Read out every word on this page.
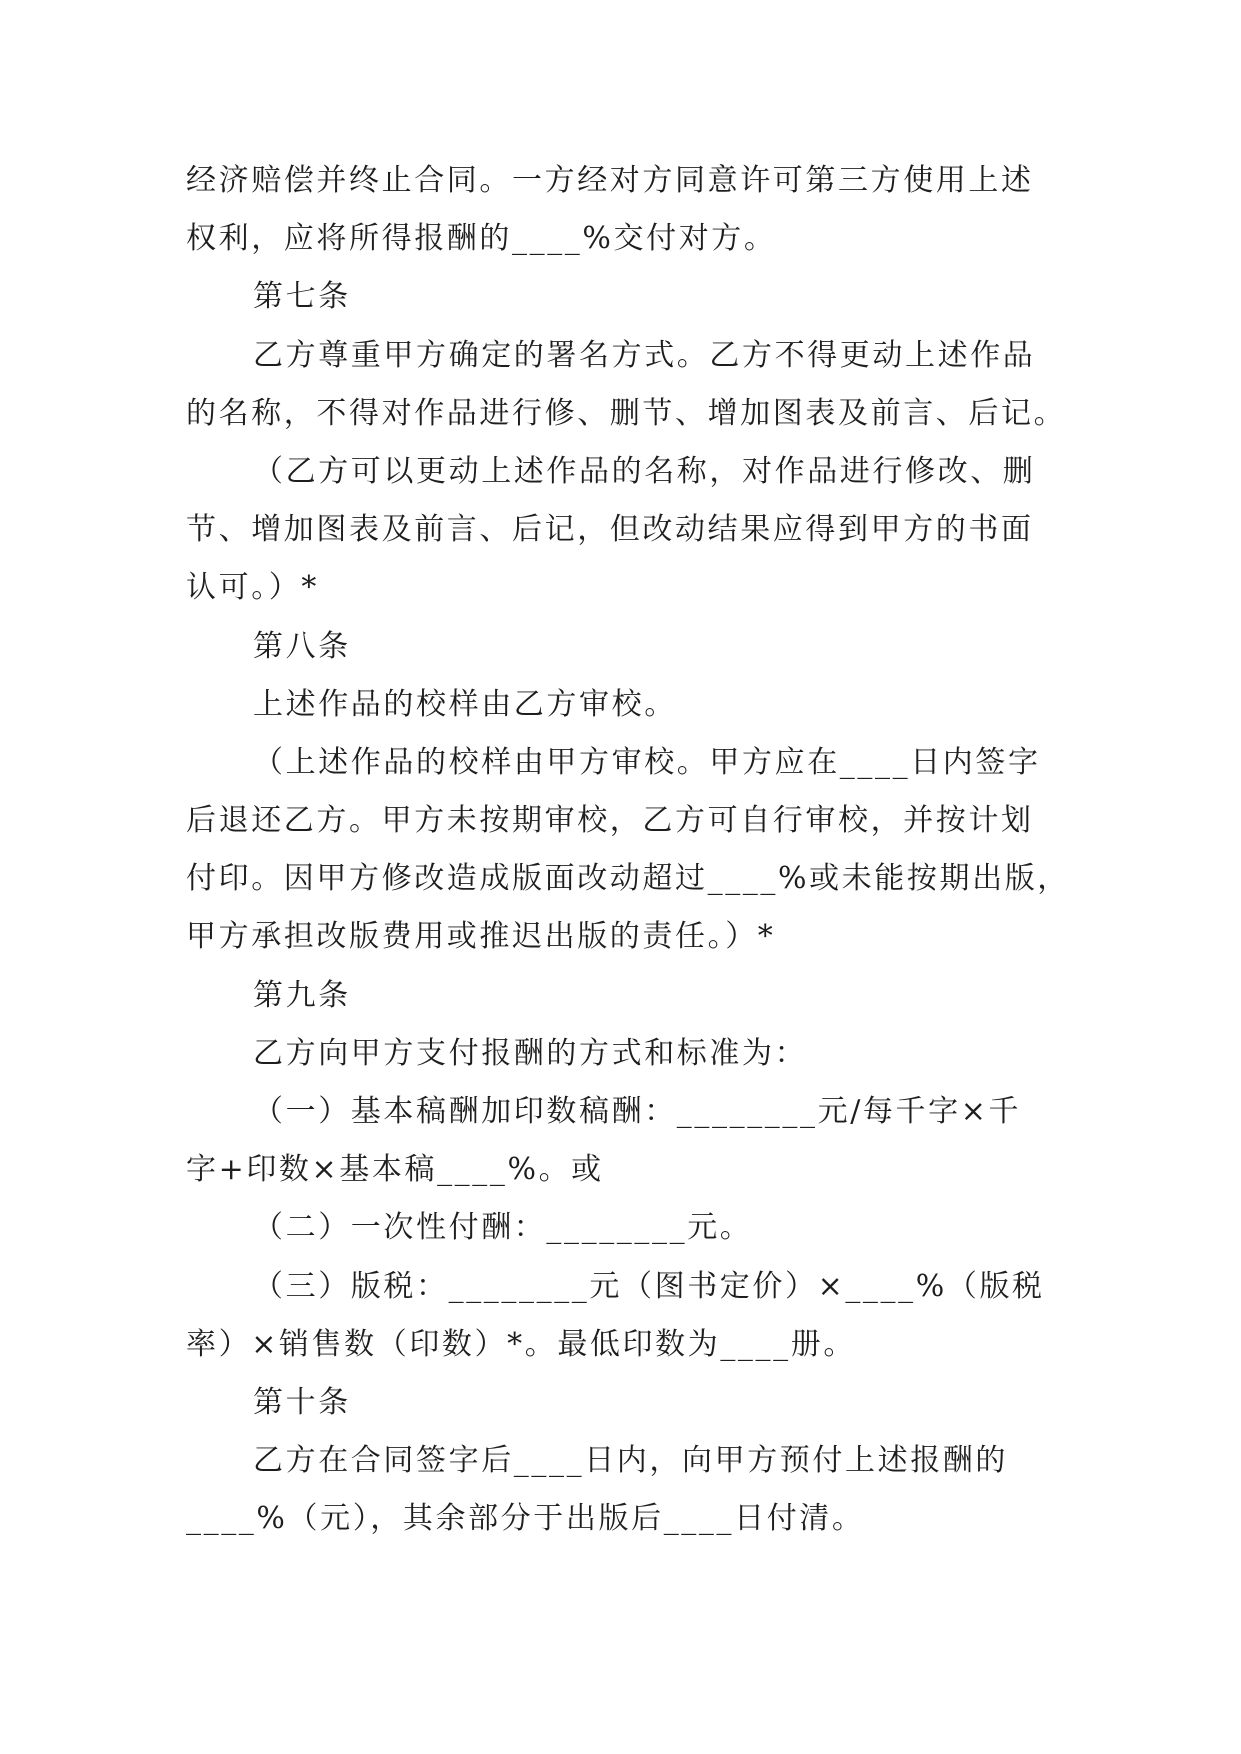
经济赔偿并终止合同。一方经对方同意许可第三方使用上述
权利，应将所得报酬的____%交付对方。
第七条
乙方尊重甲方确定的署名方式。乙方不得更动上述作品
的名称，不得对作品进行修、删节、增加图表及前言、后记。
（乙方可以更动上述作品的名称，对作品进行修改、删
节、增加图表及前言、后记，但改动结果应得到甲方的书面
认可。）*
第八条
上述作品的校样由乙方审校。
（上述作品的校样由甲方审校。甲方应在____日内签字
后退还乙方。甲方未按期审校，乙方可自行审校，并按计划
付印。因甲方修改造成版面改动超过____%或未能按期出版，
甲方承担改版费用或推迟出版的责任。）*
第九条
乙方向甲方支付报酬的方式和标准为：
（一）基本稿酬加印数稿酬：________元/每千字×千
字+印数×基本稿____%。或
（二）一次性付酬：________元。
（三）版税：________元（图书定价）×____%（版税
率）×销售数（印数）*。最低印数为____册。
第十条
乙方在合同签字后____日内，向甲方预付上述报酬的
____%（元），其余部分于出版后____日付清。
